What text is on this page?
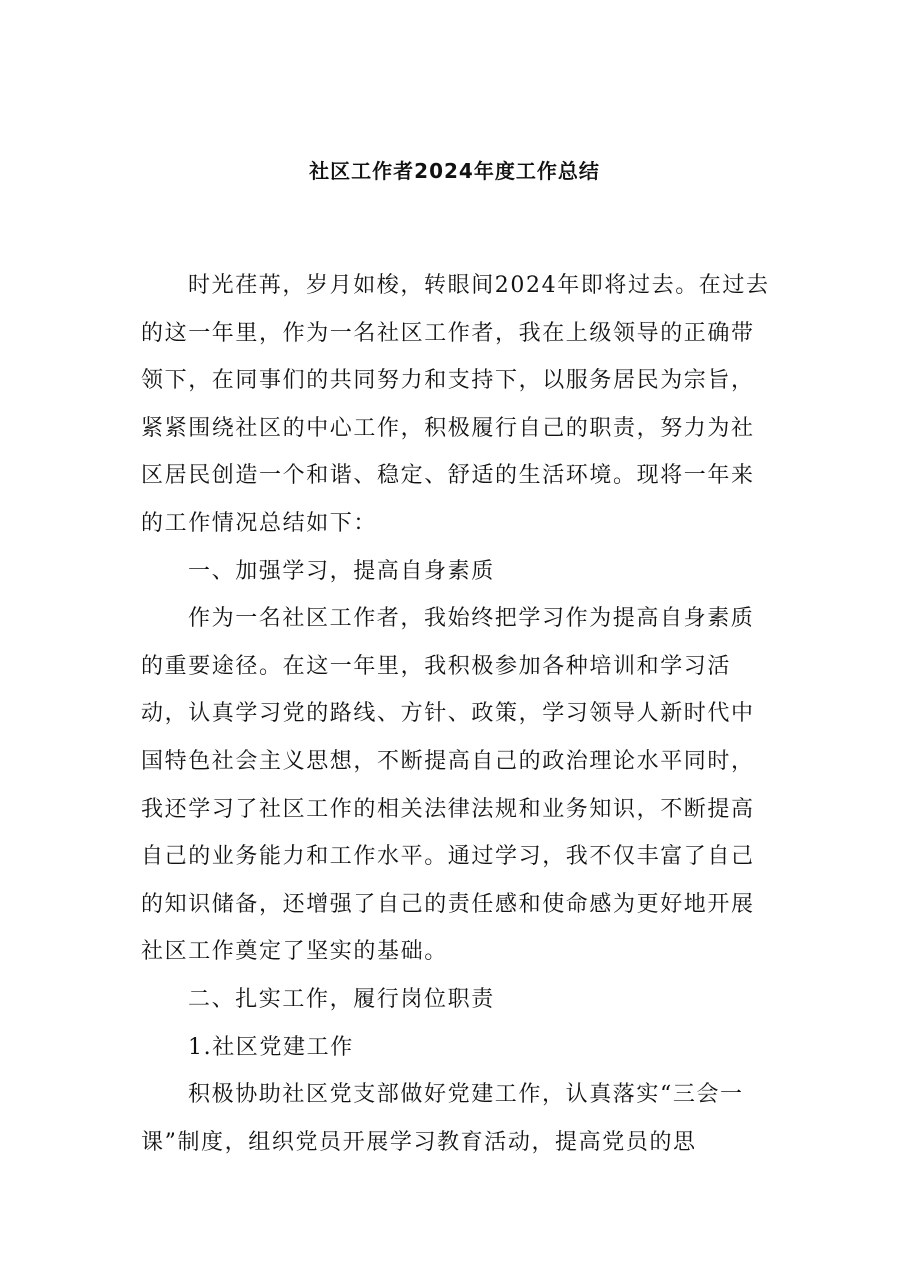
社区工作者2024年度工作总结

时光荏苒，岁月如梭，转眼间2024年即将过去。在过去的这一年里，作为一名社区工作者，我在上级领导的正确带领下，在同事们的共同努力和支持下，以服务居民为宗旨，紧紧围绕社区的中心工作，积极履行自己的职责，努力为社区居民创造一个和谐、稳定、舒适的生活环境。现将一年来的工作情况总结如下：

一、加强学习，提高自身素质

作为一名社区工作者，我始终把学习作为提高自身素质的重要途径。在这一年里，我积极参加各种培训和学习活动，认真学习党的路线、方针、政策，学习领导人新时代中国特色社会主义思想，不断提高自己的政治理论水平同时，我还学习了社区工作的相关法律法规和业务知识，不断提高自己的业务能力和工作水平。通过学习，我不仅丰富了自己的知识储备，还增强了自己的责任感和使命感为更好地开展社区工作奠定了坚实的基础。

二、扎实工作，履行岗位职责

1.社区党建工作

积极协助社区党支部做好党建工作，认真落实“三会一课”制度，组织党员开展学习教育活动，提高党员的思
